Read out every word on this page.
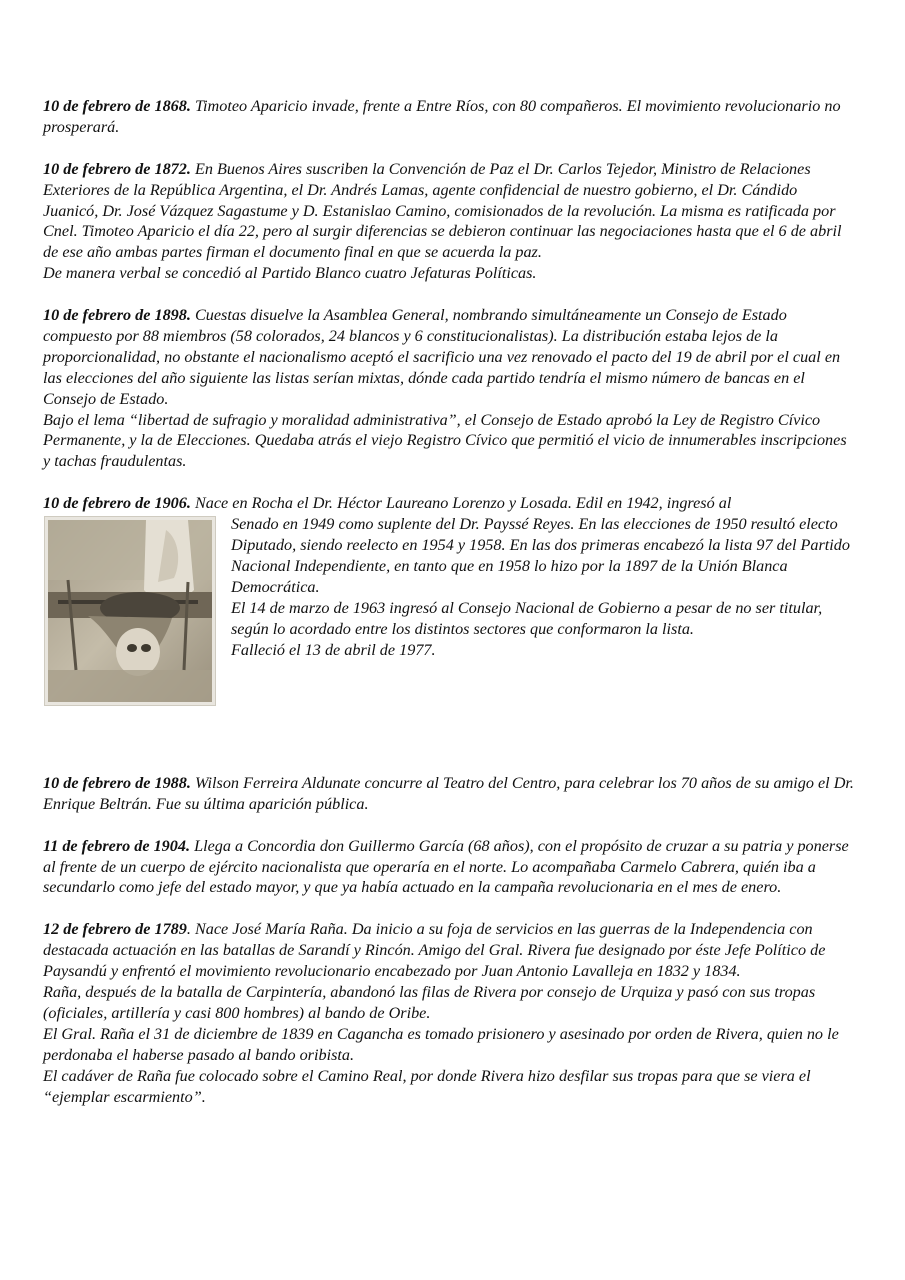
10 de febrero de 1868. Timoteo Aparicio invade, frente a Entre Ríos, con 80 compañeros. El movimiento revolucionario no prosperará.

10 de febrero de 1872. En Buenos Aires suscriben la Convención de Paz el Dr. Carlos Tejedor, Ministro de Relaciones Exteriores de la República Argentina, el Dr. Andrés Lamas, agente confidencial de nuestro gobierno, el Dr. Cándido Juanicó, Dr. José Vázquez Sagastume y D. Estanislao Camino, comisionados de la revolución. La misma es ratificada por Cnel. Timoteo Aparicio el día 22, pero al surgir diferencias se debieron continuar las negociaciones hasta que el 6 de abril de ese año ambas partes firman el documento final en que se acuerda la paz.

De manera verbal se concedió al Partido Blanco cuatro Jefaturas Políticas.

10 de febrero de 1898. Cuestas disuelve la Asamblea General, nombrando simultáneamente un Consejo de Estado compuesto por 88 miembros (58 colorados, 24 blancos y 6 constitucionalistas). La distribución estaba lejos de la proporcionalidad, no obstante el nacionalismo aceptó el sacrificio una vez renovado el pacto del 19 de abril por el cual en las elecciones del año siguiente las listas serían mixtas, dónde cada partido tendría el mismo número de bancas en el Consejo de Estado.

Bajo el lema “libertad de sufragio y moralidad administrativa”, el Consejo de Estado aprobó la Ley de Registro Cívico Permanente, y la de Elecciones. Quedaba atrás el viejo Registro Cívico que permitió el vicio de innumerables inscripciones y tachas fraudulentas.

10 de febrero de 1906. Nace en Rocha el Dr. Héctor Laureano Lorenzo y Losada. Edil en 1942, ingresó al

Senado en 1949 como suplente del Dr. Payssé Reyes. En las elecciones de 1950 resultó electo Diputado, siendo reelecto en 1954 y 1958. En las dos primeras encabezó la lista 97 del Partido Nacional Independiente, en tanto que en 1958 lo hizo por la 1897 de la Unión Blanca Democrática.

El 14 de marzo de 1963 ingresó al Consejo Nacional de Gobierno a pesar de no ser titular, según lo acordado entre los distintos sectores que conformaron la lista.

Falleció el 13 de abril de 1977.

10 de febrero de 1988. Wilson Ferreira Aldunate concurre al Teatro del Centro, para celebrar los 70 años de su amigo el Dr. Enrique Beltrán. Fue su última aparición pública.

11 de febrero de 1904. Llega a Concordia don Guillermo García (68 años), con el propósito de cruzar a su patria y ponerse al frente de un cuerpo de ejército nacionalista que operaría en el norte. Lo acompañaba Carmelo Cabrera, quién iba a secundarlo como jefe del estado mayor, y que ya había actuado en la campaña revolucionaria en el mes de enero.

12 de febrero de 1789. Nace José María Raña. Da inicio a su foja de servicios en las guerras de la Independencia con destacada actuación en las batallas de Sarandí y Rincón. Amigo del Gral. Rivera fue designado por éste Jefe Político de Paysandú y enfrentó el movimiento revolucionario encabezado por Juan Antonio Lavalleja en 1832 y 1834.

Raña, después de la batalla de Carpintería, abandonó las filas de Rivera por consejo de Urquiza y pasó con sus tropas (oficiales, artillería y casi 800 hombres) al bando de Oribe.

El Gral. Raña el 31 de diciembre de 1839 en Cagancha es tomado prisionero y asesinado por orden de Rivera, quien no le perdonaba el haberse pasado al bando oribista.

El cadáver de Raña fue colocado sobre el Camino Real, por donde Rivera hizo desfilar sus tropas para que se viera el “ejemplar escarmiento”.
